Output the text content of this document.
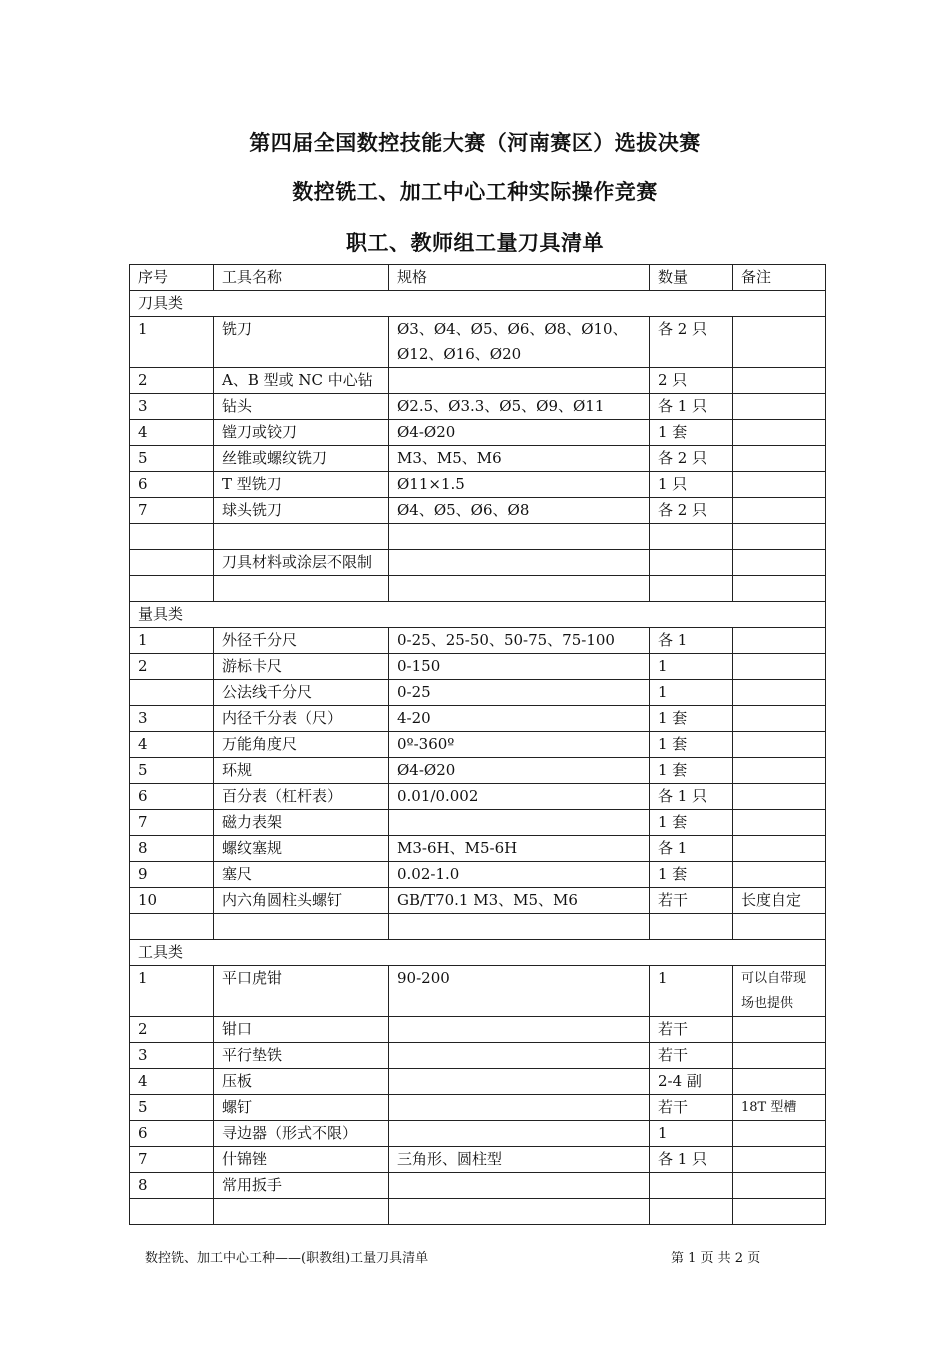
第四届全国数控技能大赛（河南赛区）选拔决赛
数控铣工、加工中心工种实际操作竞赛
职工、教师组工量刀具清单
序号	工具名称	规格	数量	备注
刀具类				
1	铣刀	Ø3、Ø4、Ø5、Ø6、Ø8、Ø10、Ø12、Ø16、Ø20	各 2 只	
2	A、B 型或 NC 中心钻		2 只	
3	钻头	Ø2.5、Ø3.3、Ø5、Ø9、Ø11	各 1 只	
4	镗刀或铰刀	Ø4-Ø20	1 套	
5	丝锥或螺纹铣刀	M3、M5、M6	各 2 只	
6	T 型铣刀	Ø11×1.5	1 只	
7	球头铣刀	Ø4、Ø5、Ø6、Ø8	各 2 只	

	刀具材料或涂层不限制			

量具类				
1	外径千分尺	0-25、25-50、50-75、75-100	各 1	
2	游标卡尺	0-150	1	
	公法线千分尺	0-25	1	
3	内径千分表（尺）	4-20	1 套	
4	万能角度尺	0º-360º	1 套	
5	环规	Ø4-Ø20	1 套	
6	百分表（杠杆表）	0.01/0.002	各 1 只	
7	磁力表架		1 套	
8	螺纹塞规	M3-6H、M5-6H	各 1	
9	塞尺	0.02-1.0	1 套	
10	内六角圆柱头螺钉	GB/T70.1 M3、M5、M6	若干	长度自定

工具类				
1	平口虎钳	90-200	1	可以自带现场也提供
2	钳口		若干	
3	平行垫铁		若干	
4	压板		2-4 副	
5	螺钉		若干	18T 型槽
6	寻边器（形式不限）		1	
7	什锦锉	三角形、圆柱型	各 1 只	
8	常用扳手			

数控铣、加工中心工种——(职教组)工量刀具清单	第 1 页 共 2 页
